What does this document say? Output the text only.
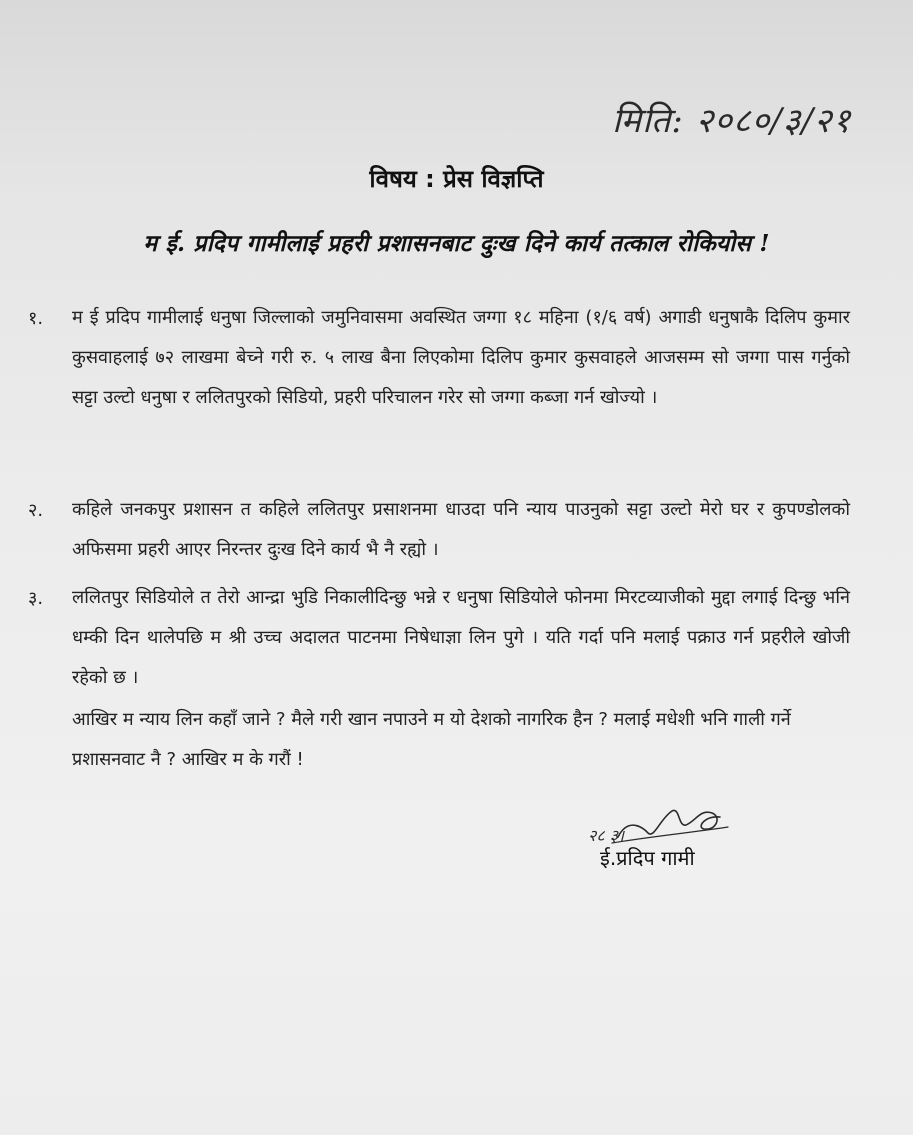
मिति: २०८०/३/२१
विषय : प्रेस विज्ञप्ति
म ई. प्रदिप गामीलाई प्रहरी प्रशासनबाट दुःख दिने कार्य तत्काल रोकियोस !
१. म ई प्रदिप गामीलाई धनुषा जिल्लाको जमुनिवासमा अवस्थित जग्गा १८ महिना (१/६ वर्ष) अगाडी धनुषाकै दिलिप कुमार कुसवाहलाई ७२ लाखमा बेच्ने गरी रु. ५ लाख बैना लिएकोमा दिलिप कुमार कुसवाहले आजसम्म सो जग्गा पास गर्नुको सट्टा उल्टो धनुषा र ललितपुरको सिडियो, प्रहरी परिचालन गरेर सो जग्गा कब्जा गर्न खोज्यो ।
२. कहिले जनकपुर प्रशासन त कहिले ललितपुर प्रसाशनमा धाउदा पनि न्याय पाउनुको सट्टा उल्टो मेरो घर र कुपण्डोलको अफिसमा प्रहरी आएर निरन्तर दुःख दिने कार्य भै नै रह्यो ।
३. ललितपुर सिडियोले त तेरो आन्द्रा भुडि निकालीदिन्छु भन्ने र धनुषा सिडियोले फोनमा मिरटव्याजीको मुद्दा लगाई दिन्छु भनि धम्की दिन थालेपछि म श्री उच्च अदालत पाटनमा निषेधाज्ञा लिन पुगे । यति गर्दा पनि मलाई पक्राउ गर्न प्रहरीले खोजी रहेको छ ।
आखिर म न्याय लिन कहाँ जाने ? मैले गरी खान नपाउने म यो देशको नागरिक हैन ? मलाई मधेशी भनि गाली गर्ने प्रशासनवाट नै ? आखिर म के गरौं !
२८ ३।
ई.प्रदिप गामी
